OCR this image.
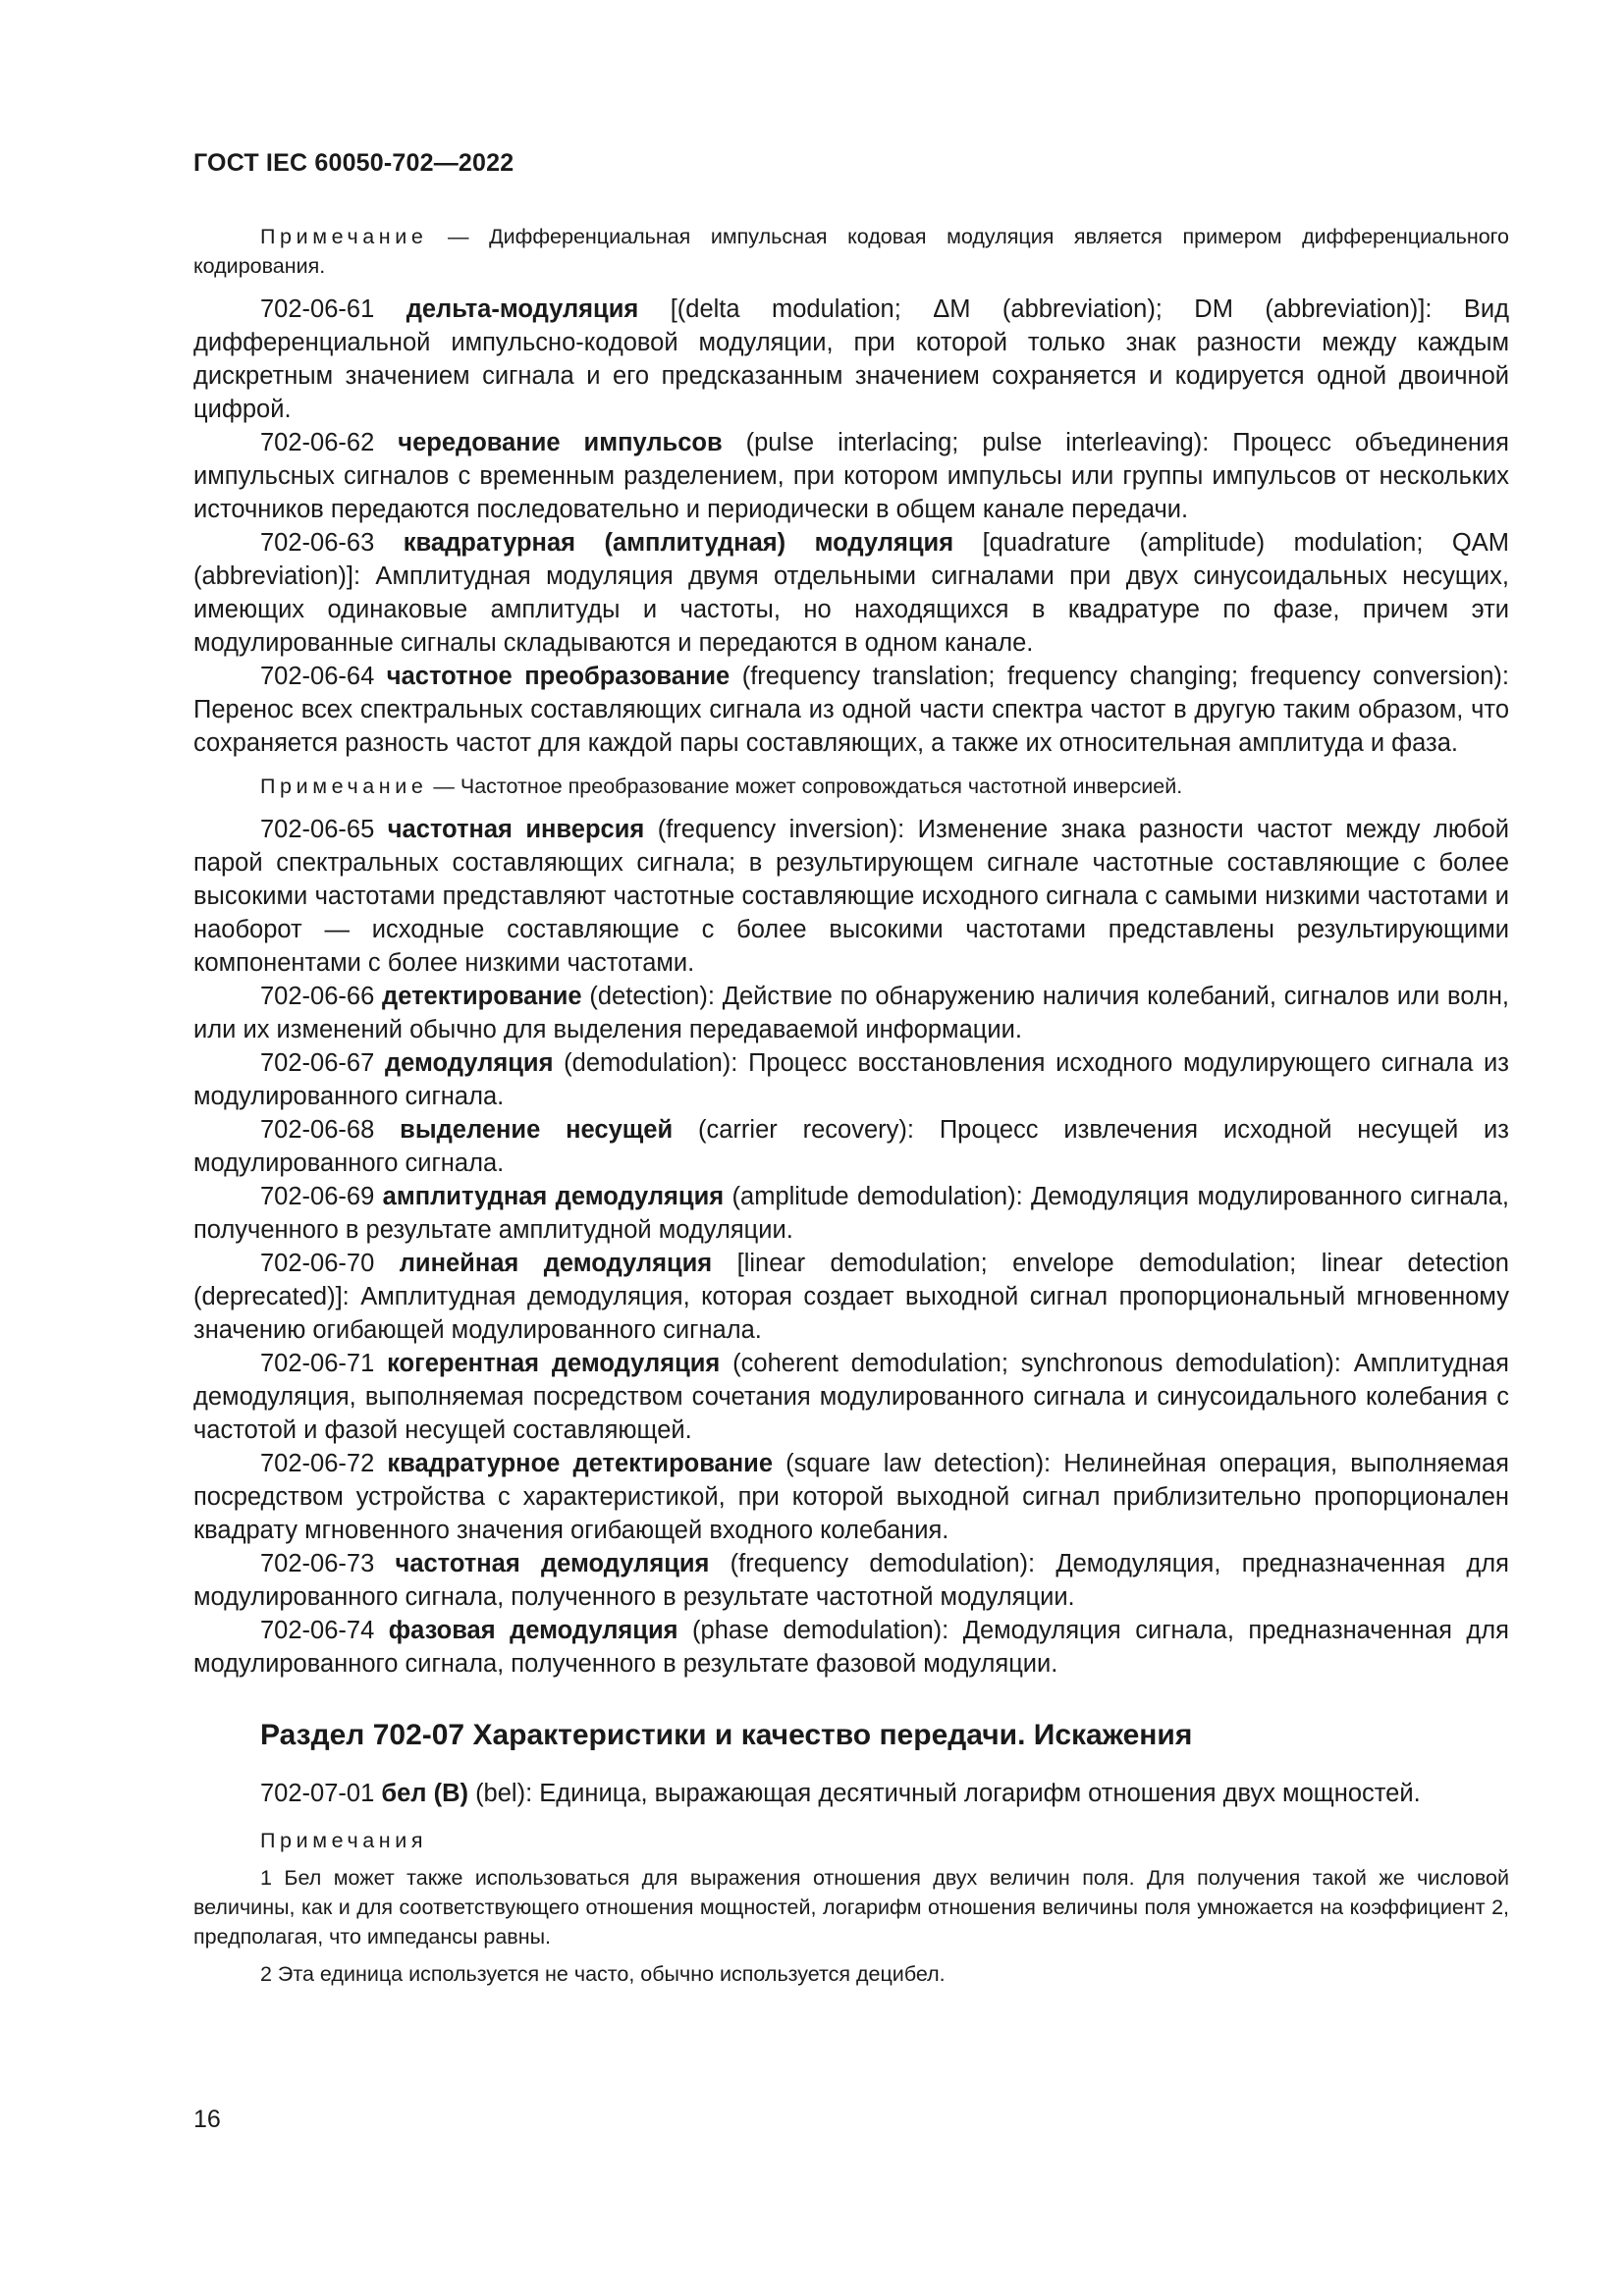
ГОСТ IEC 60050-702—2022

Примечание — Дифференциальная импульсная кодовая модуляция является примером дифференциального кодирования.

702-06-61 дельта-модуляция [(delta modulation; ΔM (abbreviation); DM (abbreviation)]: Вид дифференциальной импульсно-кодовой модуляции, при которой только знак разности между каждым дискретным значением сигнала и его предсказанным значением сохраняется и кодируется одной двоичной цифрой.

702-06-62 чередование импульсов (pulse interlacing; pulse interleaving): Процесс объединения импульсных сигналов с временным разделением, при котором импульсы или группы импульсов от нескольких источников передаются последовательно и периодически в общем канале передачи.

702-06-63 квадратурная (амплитудная) модуляция [quadrature (amplitude) modulation; QAM (abbreviation)]: Амплитудная модуляция двумя отдельными сигналами при двух синусоидальных несущих, имеющих одинаковые амплитуды и частоты, но находящихся в квадратуре по фазе, причем эти модулированные сигналы складываются и передаются в одном канале.

702-06-64 частотное преобразование (frequency translation; frequency changing; frequency conversion): Перенос всех спектральных составляющих сигнала из одной части спектра частот в другую таким образом, что сохраняется разность частот для каждой пары составляющих, а также их относительная амплитуда и фаза.

Примечание — Частотное преобразование может сопровождаться частотной инверсией.

702-06-65 частотная инверсия (frequency inversion): Изменение знака разности частот между любой парой спектральных составляющих сигнала; в результирующем сигнале частотные составляющие с более высокими частотами представляют частотные составляющие исходного сигнала с самыми низкими частотами и наоборот — исходные составляющие с более высокими частотами представлены результирующими компонентами с более низкими частотами.

702-06-66 детектирование (detection): Действие по обнаружению наличия колебаний, сигналов или волн, или их изменений обычно для выделения передаваемой информации.

702-06-67 демодуляция (demodulation): Процесс восстановления исходного модулирующего сигнала из модулированного сигнала.

702-06-68 выделение несущей (carrier recovery): Процесс извлечения исходной несущей из модулированного сигнала.

702-06-69 амплитудная демодуляция (amplitude demodulation): Демодуляция модулированного сигнала, полученного в результате амплитудной модуляции.

702-06-70 линейная демодуляция [linear demodulation; envelope demodulation; linear detection (deprecated)]: Амплитудная демодуляция, которая создает выходной сигнал пропорциональный мгновенному значению огибающей модулированного сигнала.

702-06-71 когерентная демодуляция (coherent demodulation; synchronous demodulation): Амплитудная демодуляция, выполняемая посредством сочетания модулированного сигнала и синусоидального колебания с частотой и фазой несущей составляющей.

702-06-72 квадратурное детектирование (square law detection): Нелинейная операция, выполняемая посредством устройства с характеристикой, при которой выходной сигнал приблизительно пропорционален квадрату мгновенного значения огибающей входного колебания.

702-06-73 частотная демодуляция (frequency demodulation): Демодуляция, предназначенная для модулированного сигнала, полученного в результате частотной модуляции.

702-06-74 фазовая демодуляция (phase demodulation): Демодуляция сигнала, предназначенная для модулированного сигнала, полученного в результате фазовой модуляции.

Раздел 702-07 Характеристики и качество передачи. Искажения

702-07-01 бел (B) (bel): Единица, выражающая десятичный логарифм отношения двух мощностей.

Примечания

1 Бел может также использоваться для выражения отношения двух величин поля. Для получения такой же числовой величины, как и для соответствующего отношения мощностей, логарифм отношения величины поля умножается на коэффициент 2, предполагая, что импедансы равны.

2 Эта единица используется не часто, обычно используется децибел.

16
